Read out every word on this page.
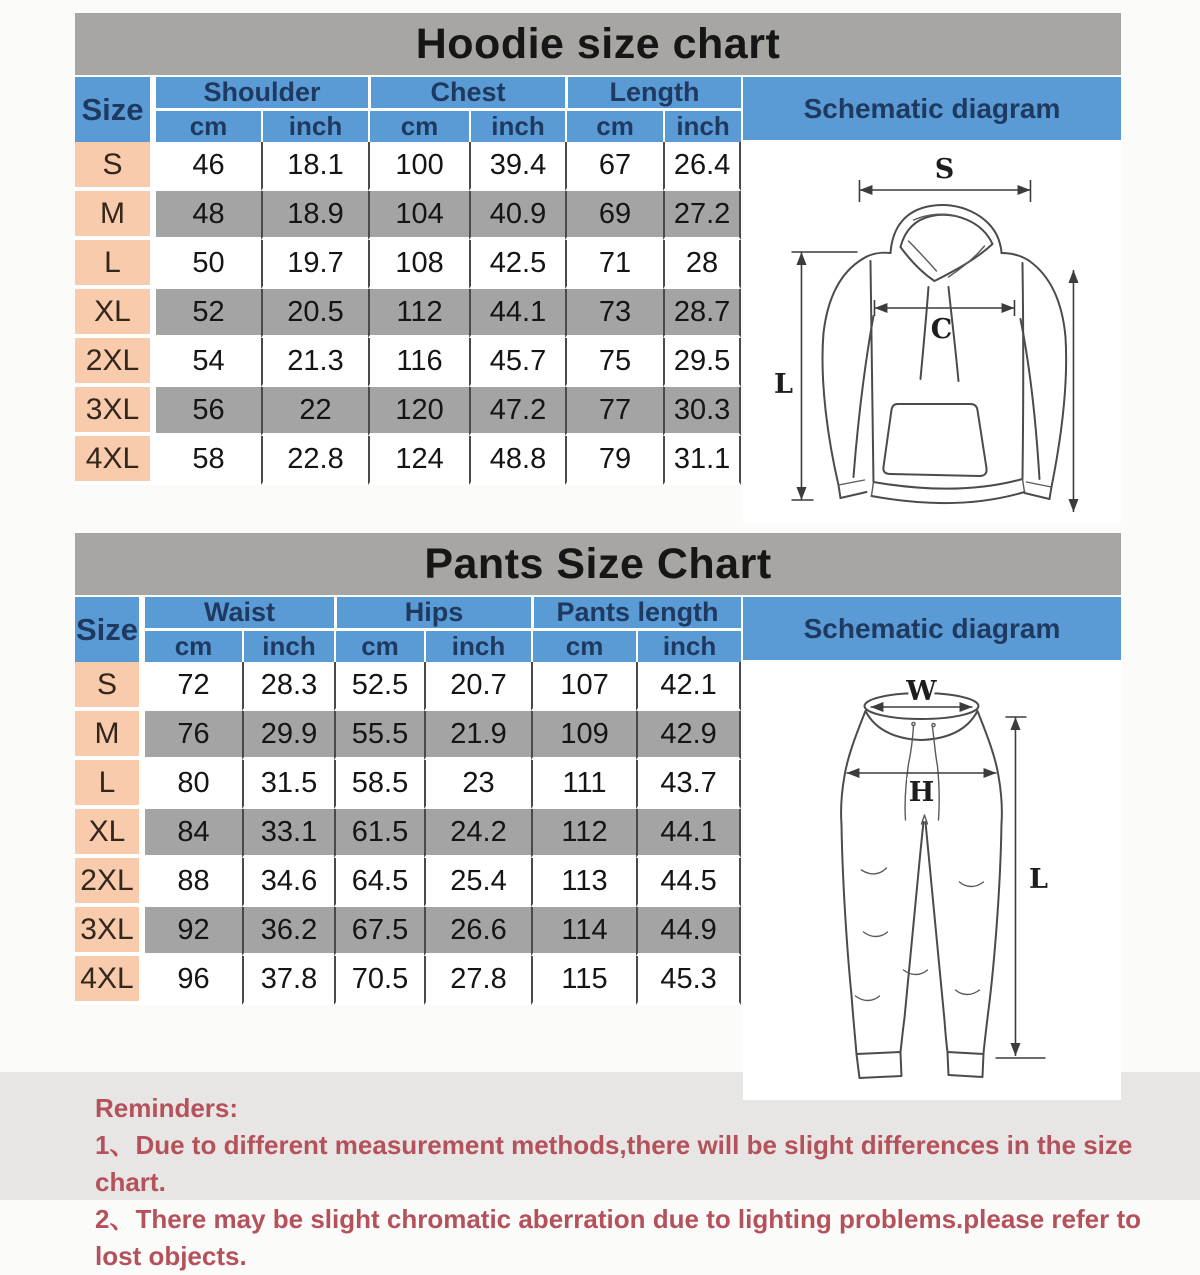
Hoodie size chart
Size	Shoulder		Chest		Length	
	cm	inch	cm	inch	cm	inch
S	46	18.1	100	39.4	67	26.4
M	48	18.9	104	40.9	69	27.2
L	50	19.7	108	42.5	71	28
XL	52	20.5	112	44.1	73	28.7
2XL	54	21.3	116	45.7	75	29.5
3XL	56	22	120	47.2	77	30.3
4XL	58	22.8	124	48.8	79	31.1
Schematic diagram
S
L
C
Pants Size Chart
Size	Waist		Hips		Pants length	
	cm	inch	cm	inch	cm	inch
S	72	28.3	52.5	20.7	107	42.1
M	76	29.9	55.5	21.9	109	42.9
L	80	31.5	58.5	23	111	43.7
XL	84	33.1	61.5	24.2	112	44.1
2XL	88	34.6	64.5	25.4	113	44.5
3XL	92	36.2	67.5	26.6	114	44.9
4XL	96	37.8	70.5	27.8	115	45.3
Schematic diagram
W
H
L
Reminders:
1、Due to different measurement methods,there will be slight differences in the size chart.
2、There may be slight chromatic aberration due to lighting problems.please refer to lost objects.
